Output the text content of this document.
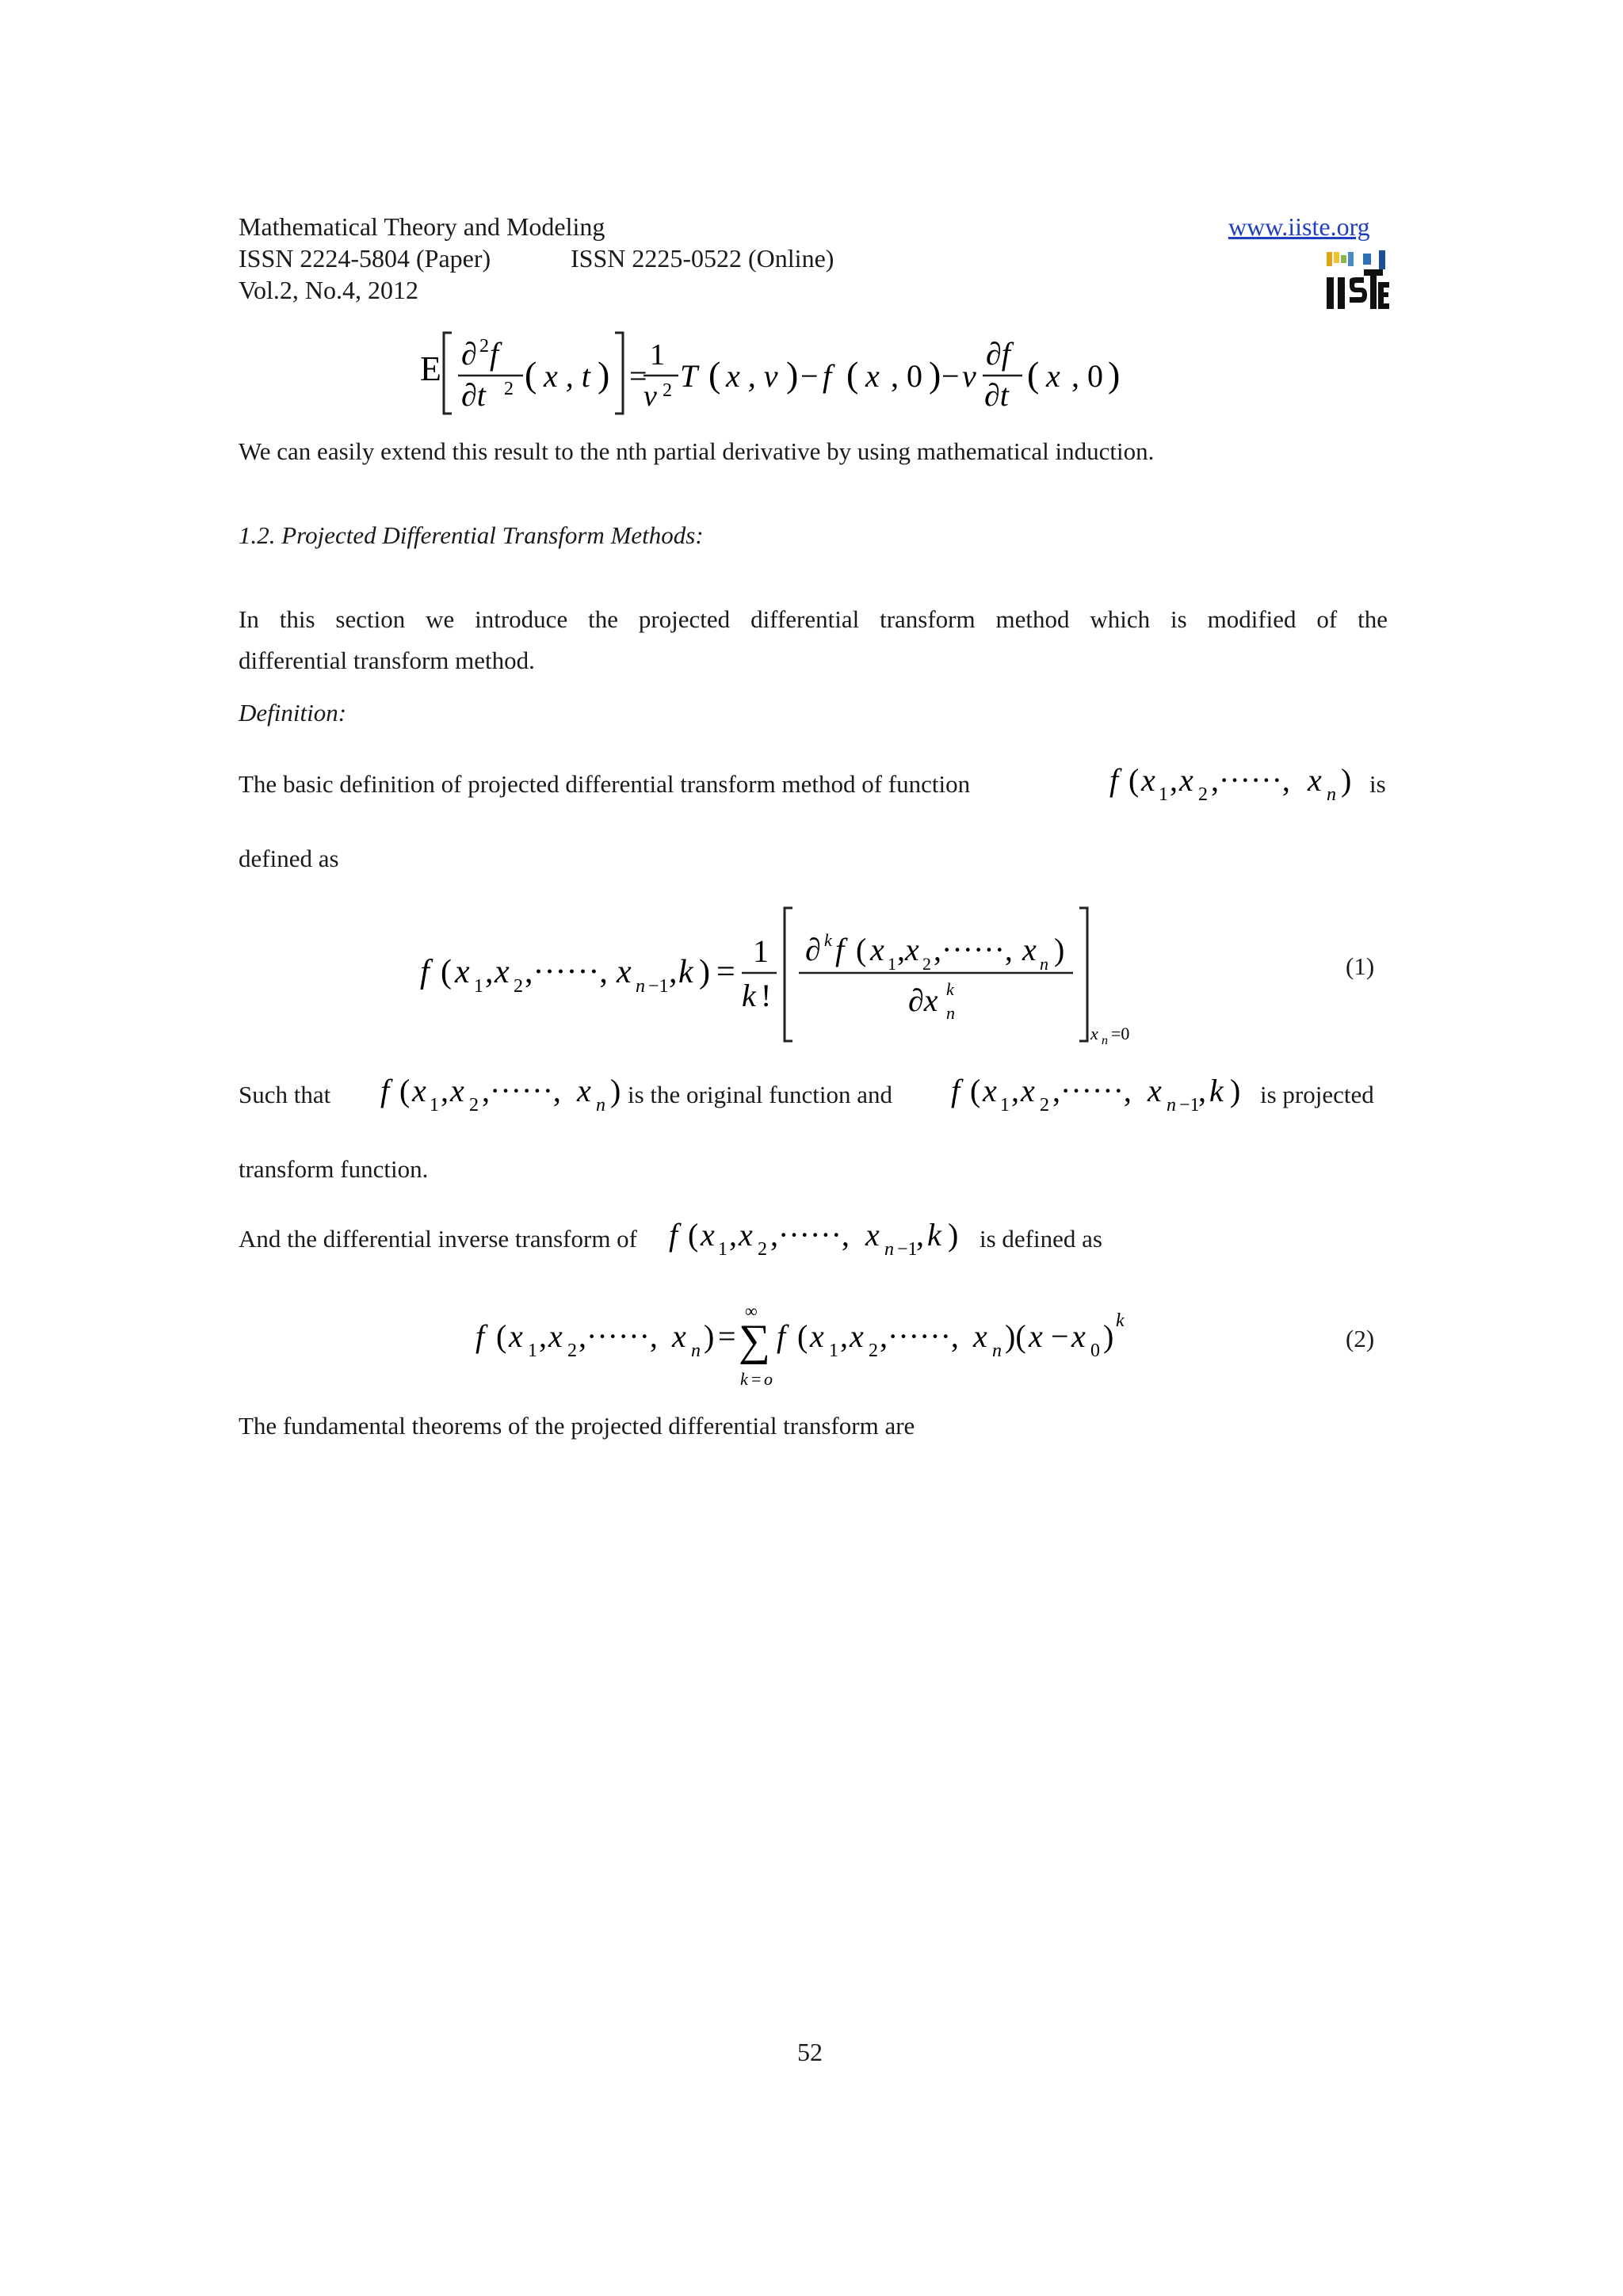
Mathematical Theory and Modeling
ISSN 2224-5804 (Paper)	ISSN 2225-0522 (Online)
Vol.2, No.4, 2012
www.iiste.org
E ∂ 2 f
∂t 2 ( x , t ) =
1
v 2 T ( x , v ) − f ( x , 0 ) − v
∂f
∂t
( x , 0 )
We can easily extend this result to the nth partial derivative by using mathematical induction.
1.2. Projected Differential Transform Methods:
In this section we introduce the projected differential transform method which is modified of the
differential transform method.
Definition:
The basic definition of projected differential transform method of function	f ( x 1 , x 2 ,······, x n ) is
defined as
f ( x 1 , x 2 ,······, x n −1 , k ) =
1
k !
∂ k f ( x 1 , x 2 ,······, x n )
∂x k
n
x n =0
(1)
Such that f ( x 1 , x 2 ,······, x n ) is the original function and f ( x 1 , x 2 ,······, x n −1
, k ) is projected
transform function.
And the differential inverse transform of f ( x 1 , x 2 ,······, x n −1
, k ) is defined as
f ( x 1 , x 2 ,······, x n ) =
∞
∑
k = o
f ( x 1 , x 2 ,······, x n )( x − x 0 ) k
(2)
The fundamental theorems of the projected differential transform are
52
